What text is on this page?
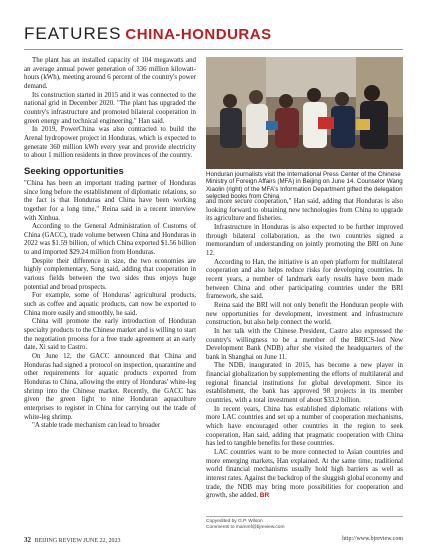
FEATURES CHINA-HONDURAS

The plant has an installed capacity of 104 megawatts and an average annual power generation of 336 million kilowatt-hours (kWh), meeting around 6 percent of the country's power demand.

Its construction started in 2015 and it was connected to the national grid in December 2020. "The plant has upgraded the country's infrastructure and promoted bilateral cooperation in green energy and technical engineering," Han said.

In 2019, PowerChina was also contracted to build the Arenal hydropower project in Honduras, which is expected to generate 360 million kWh every year and provide electricity to about 1 million residents in three provinces of the country.

Seeking opportunities

"China has been an important trading partner of Honduras since long before the establishment of diplomatic relations, so the fact is that Honduras and China have been working together for a long time," Reina said in a recent interview with Xinhua.

According to the General Administration of Customs of China (GACC), trade volume between China and Honduras in 2022 was $1.59 billion, of which China exported $1.56 billion to and imported $29.24 million from Honduras.

Despite their difference in size, the two economies are highly complementary, Song said, adding that cooperation in various fields between the two sides thus enjoys huge potential and broad prospects.

For example, some of Honduras' agricultural products, such as coffee and aquatic products, can now be exported to China more easily and smoothly, he said.

China will promote the early introduction of Honduran specialty products to the Chinese market and is willing to start the negotiation process for a free trade agreement at an early date, Xi said to Castro.

On June 12, the GACC announced that China and Honduras had signed a protocol on inspection, quarantine and other requirements for aquatic products exported from Honduras to China, allowing the entry of Honduras' white-leg shrimp into the Chinese market. Recently, the GACC has given the green light to nine Honduran aquaculture enterprises to register in China for carrying out the trade of white-leg shrimp.

"A stable trade mechanism can lead to broader

Honduran journalists visit the International Press Center of the Chinese Ministry of Foreign Affairs (MFA) in Beijing on June 14. Counselor Wang Xiaolin (right) of the MFA's Information Department gifted the delegation selected books from China

and more secure cooperation," Han said, adding that Honduras is also looking forward to obtaining new technologies from China to upgrade its agriculture and fisheries.

Infrastructure in Honduras is also expected to be further improved through bilateral collaboration, as the two countries signed a memorandum of understanding on jointly promoting the BRI on June 12.

According to Han, the initiative is an open platform for multilateral cooperation and also helps reduce risks for developing countries. In recent years, a number of landmark early results have been made between China and other participating countries under the BRI framework, she said.

Reina said the BRI will not only benefit the Honduran people with new opportunities for development, investment and infrastructure construction, but also help connect the world.

In her talk with the Chinese President, Castro also expressed the country's willingness to be a member of the BRICS-led New Development Bank (NDB) after she visited the headquarters of the bank in Shanghai on June 11.

The NDB, inaugurated in 2015, has become a new player in financial globalization by supplementing the efforts of multilateral and regional financial institutions for global development. Since its establishment, the bank has approved 98 projects in its member countries, with a total investment of about $33.2 billion.

In recent years, China has established diplomatic relations with more LAC countries and set up a number of cooperation mechanisms, which have encouraged other countries in the region to seek cooperation, Han said, adding that pragmatic cooperation with China has led to tangible benefits for these countries.

LAC countries want to be more connected to Asian countries and more emerging markets, Han explained. At the same time, traditional world financial mechanisms usually hold high barriers as well as interest rates. Against the backdrop of the sluggish global economy and trade, the NDB may bring more possibilities for cooperation and growth, she added. BR

Copyedited by G.P. Wilson
Comments to mammf@bjreview.com
32 BEIJING REVIEW JUNE 22, 2023	http://www.bjreview.com
